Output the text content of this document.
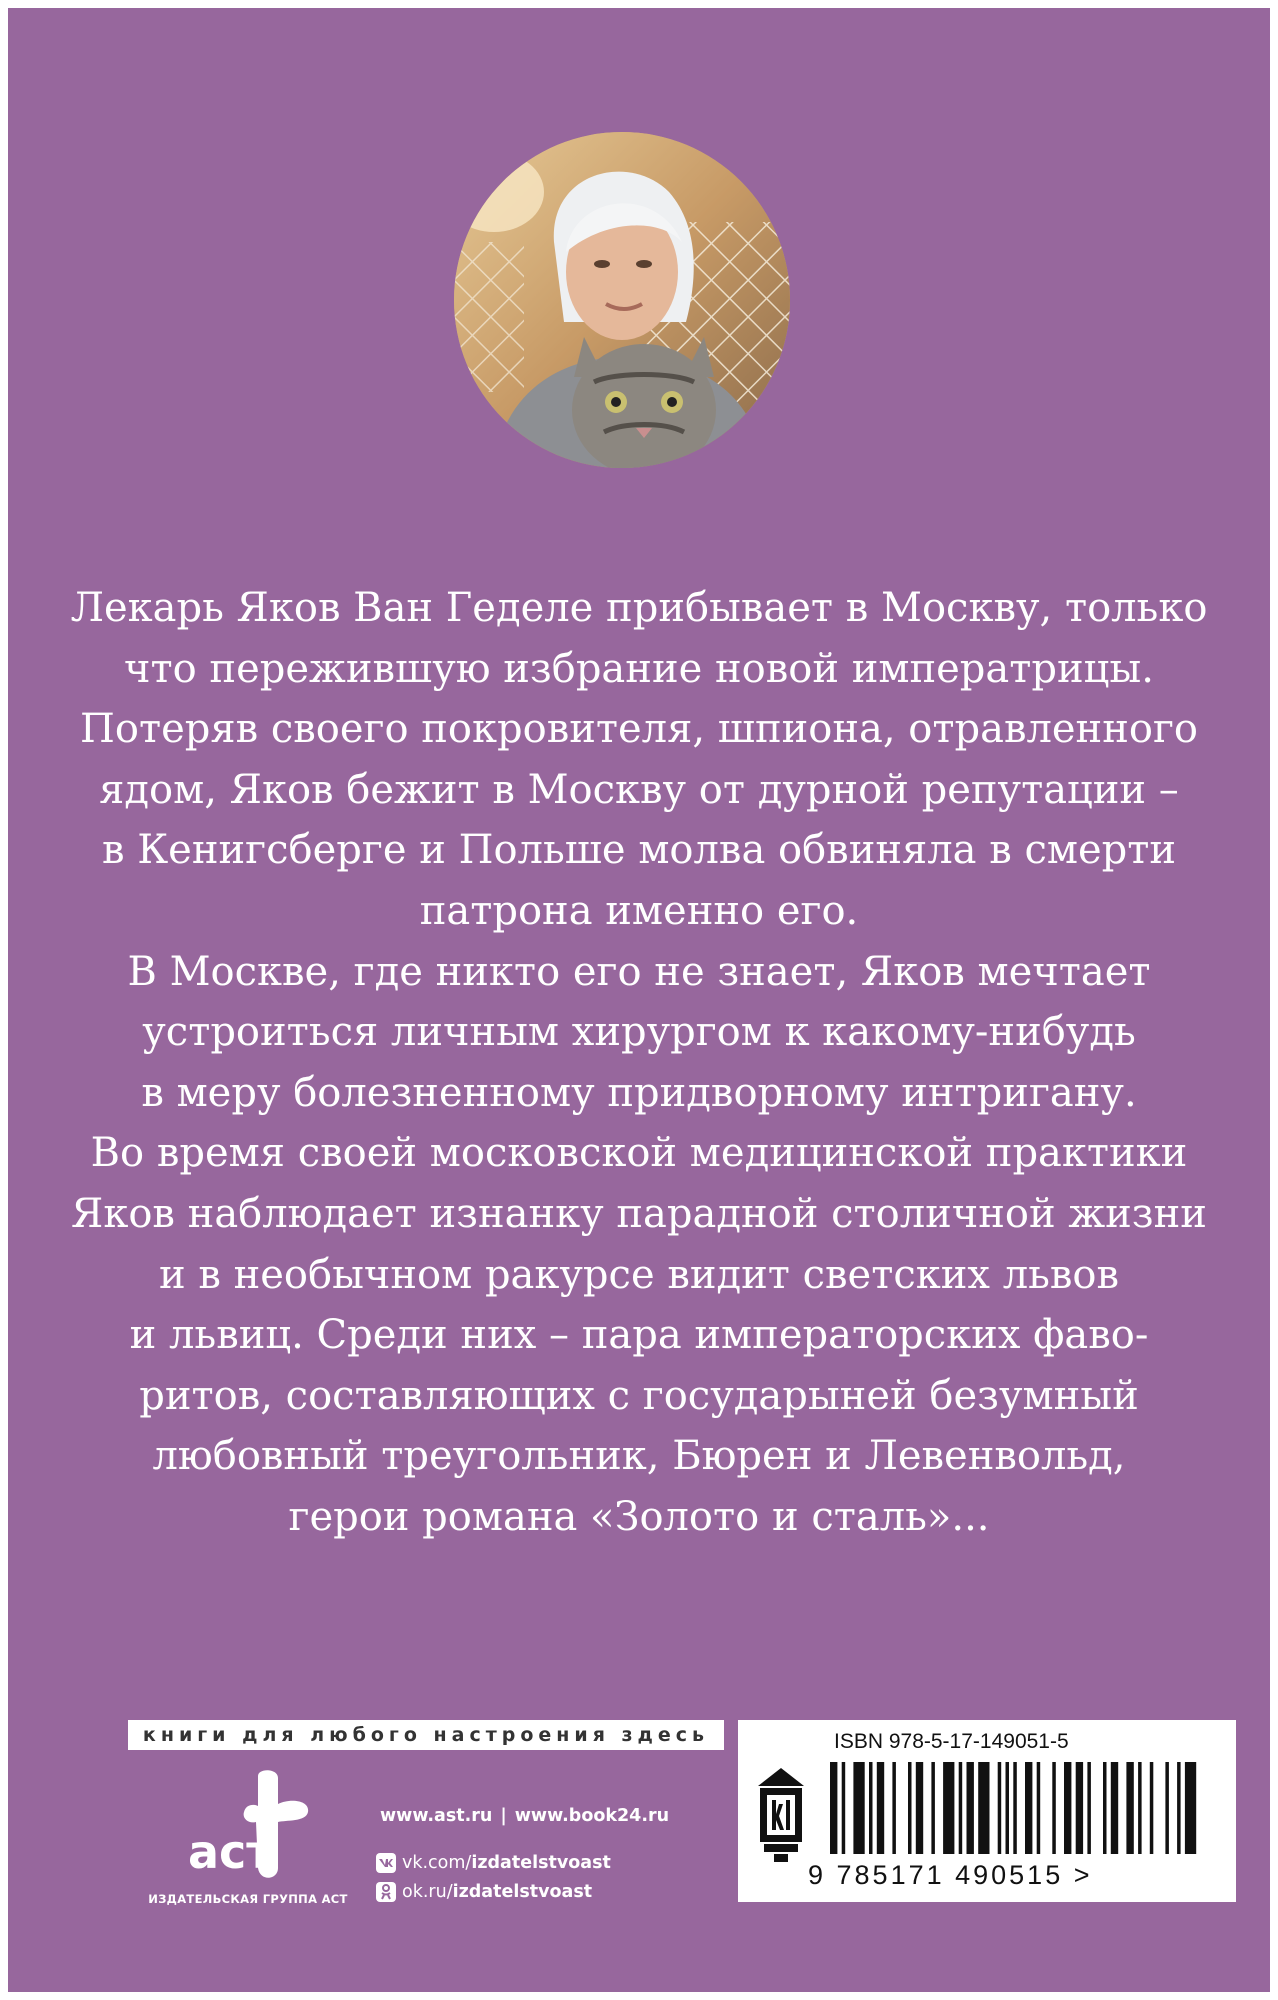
Лекарь Яков Ван Геделе прибывает в Москву, только
что пережившую избрание новой императрицы.
Потеряв своего покровителя, шпиона, отравленного
ядом, Яков бежит в Москву от дурной репутации –
в Кенигсберге и Польше молва обвиняла в смерти
патрона именно его.
В Москве, где никто его не знает, Яков мечтает
устроиться личным хирургом к какому-нибудь
в меру болезненному придворному интригану.
Во время своей московской медицинской практики
Яков наблюдает изнанку парадной столичной жизни
и в необычном ракурсе видит светских львов
и львиц. Среди них – пара императорских фаво-
ритов, составляющих с государыней безумный
любовный треугольник, Бюрен и Левенвольд,
герои романа «Золото и сталь»...
книги для любого настроения здесь
аст
ИЗДАТЕЛЬСКАЯ ГРУППА АСТ
www.ast.ru | www.book24.ru
vk.com/ izdatelstvoast
ok.ru/ izdatelstvoast
ISBN 978-5-17-149051-5
9 785171 490515 >
